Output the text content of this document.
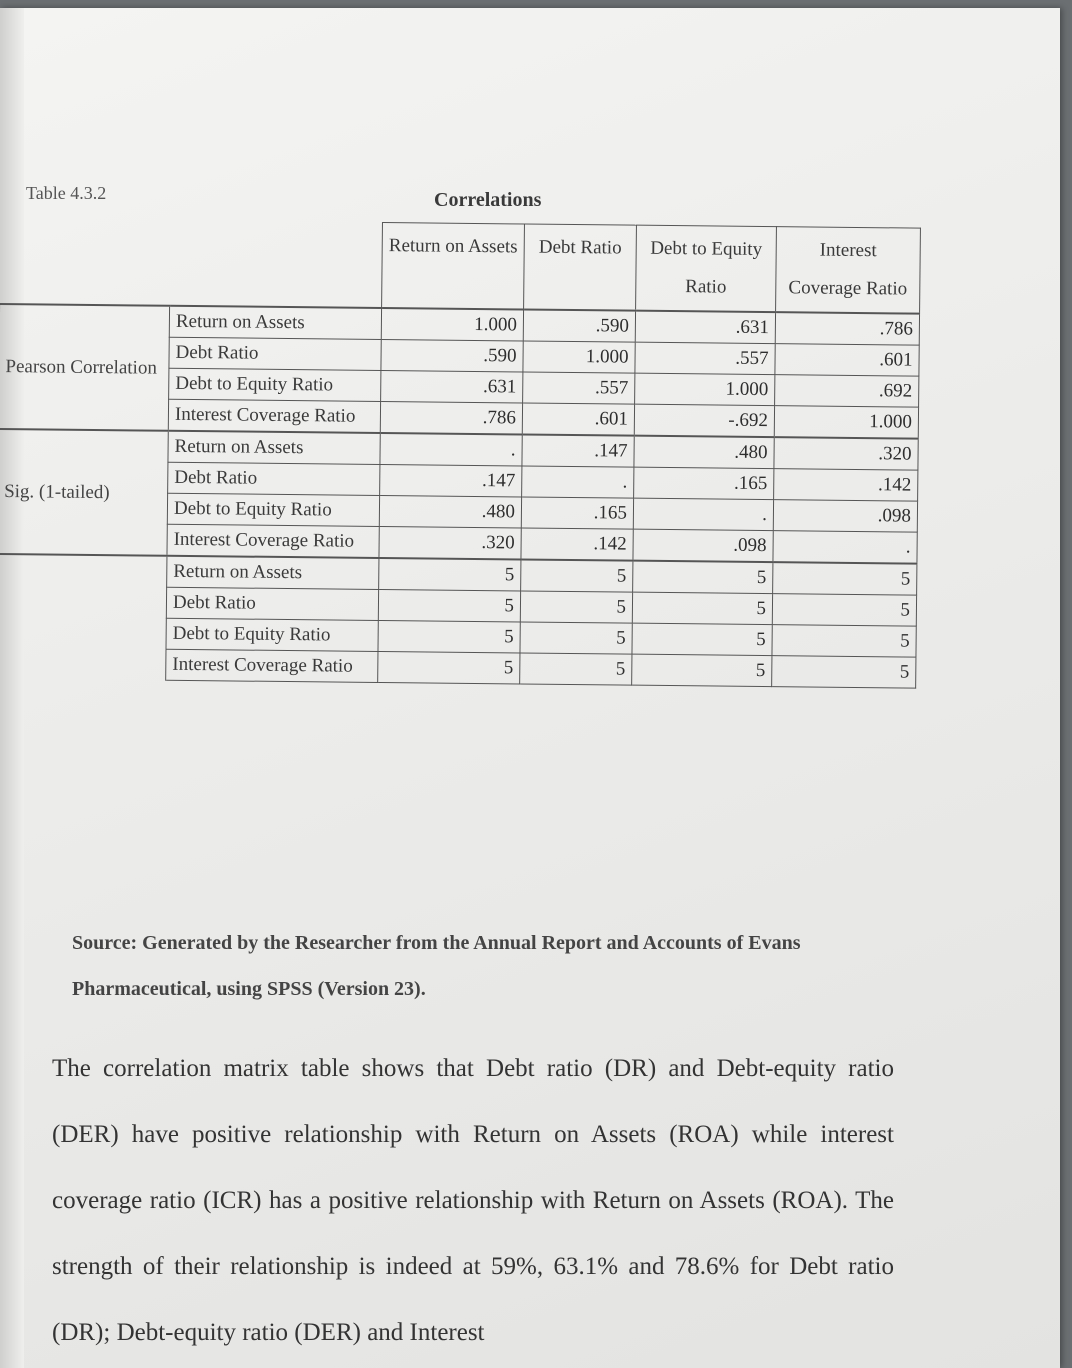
Table 4.3.2	Correlations
		Return on Assets	Debt Ratio	Debt to Equity Ratio	Interest Coverage Ratio
Pearson Correlation	Return on Assets	1.000	.590	.631	.786
	Debt Ratio	.590	1.000	.557	.601
	Debt to Equity Ratio	.631	.557	1.000	.692
	Interest Coverage Ratio	.786	.601	-.692	1.000
Sig. (1-tailed)	Return on Assets	.	.147	.480	.320
	Debt Ratio	.147	.	.165	.142
	Debt to Equity Ratio	.480	.165	.	.098
	Interest Coverage Ratio	.320	.142	.098	.
	Return on Assets	5	5	5	5
	Debt Ratio	5	5	5	5
	Debt to Equity Ratio	5	5	5	5
	Interest Coverage Ratio	5	5	5	5
Source: Generated by the Researcher from the Annual Report and Accounts of Evans Pharmaceutical, using SPSS (Version 23).
The correlation matrix table shows that Debt ratio (DR) and Debt-equity ratio (DER) have positive relationship with Return on Assets (ROA) while interest coverage ratio (ICR) has a positive relationship with Return on Assets (ROA). The strength of their relationship is indeed at 59%, 63.1% and 78.6% for Debt ratio (DR); Debt-equity ratio (DER) and Interest
